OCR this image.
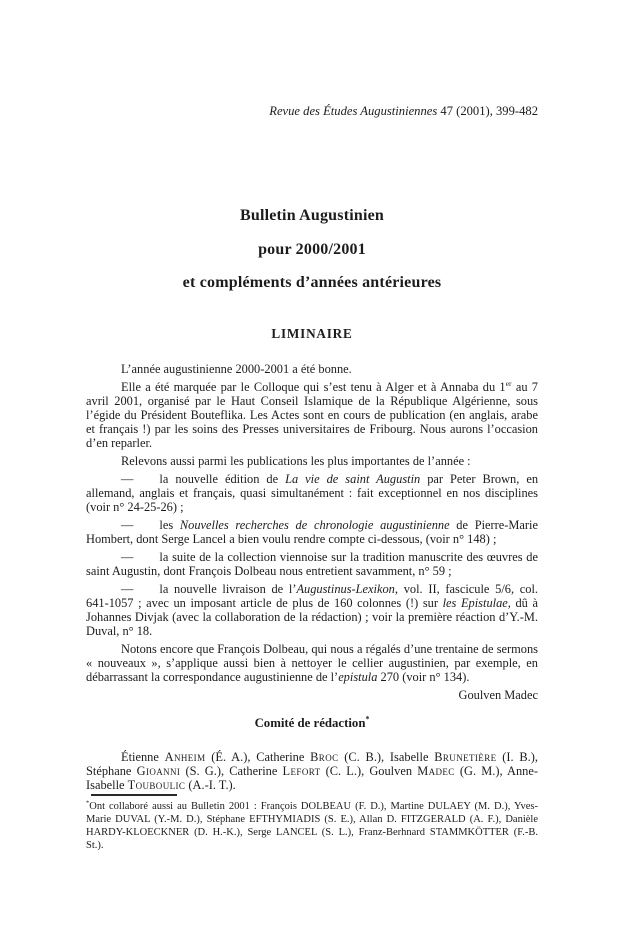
Revue des Études Augustiniennes 47 (2001), 399-482

Bulletin Augustinien
pour 2000/2001
et compléments d’années antérieures
LIMINAIRE

L’année augustinienne 2000-2001 a été bonne.

Elle a été marquée par le Colloque qui s’est tenu à Alger et à Annaba du 1er au 7 avril 2001, organisé par le Haut Conseil Islamique de la République Algérienne, sous l’égide du Président Bouteflika. Les Actes sont en cours de publication (en anglais, arabe et français !) par les soins des Presses universitaires de Fribourg. Nous aurons l’occasion d’en reparler.

Relevons aussi parmi les publications les plus importantes de l’année :

— la nouvelle édition de La vie de saint Augustin par Peter Brown, en allemand, anglais et français, quasi simultanément : fait exceptionnel en nos disciplines (voir n° 24-25-26) ;

— les Nouvelles recherches de chronologie augustinienne de Pierre-Marie Hombert, dont Serge Lancel a bien voulu rendre compte ci-dessous, (voir n° 148) ;

— la suite de la collection viennoise sur la tradition manuscrite des œuvres de saint Augustin, dont François Dolbeau nous entretient savamment, n° 59 ;

— la nouvelle livraison de l’Augustinus-Lexikon, vol. II, fascicule 5/6, col. 641-1057 ; avec un imposant article de plus de 160 colonnes (!) sur les Epistulae, dû à Johannes Divjak (avec la collaboration de la rédaction) ; voir la première réaction d’Y.-M. Duval, n° 18.

Notons encore que François Dolbeau, qui nous a régalés d’une trentaine de sermons « nouveaux », s’applique aussi bien à nettoyer le cellier augustinien, par exemple, en débarrassant la correspondance augustinienne de l’epistula 270 (voir n° 134).

Goulven Madec

Comité de rédaction*

Étienne Anheim (É. A.), Catherine Broc (C. B.), Isabelle Brunetière (I. B.), Stéphane Gioanni (S. G.), Catherine Lefort (C. L.), Goulven Madec (G. M.), Anne-Isabelle Touboulic (A.-I. T.).

*Ont collaboré aussi au Bulletin 2001 : François DOLBEAU (F. D.), Martine DULAEY (M. D.), Yves-Marie DUVAL (Y.-M. D.), Stéphane EFTHYMIADIS (S. E.), Allan D. FITZGERALD (A. F.), Danièle HARDY-KLOECKNER (D. H.-K.), Serge LANCEL (S. L.), Franz-Berhnard STAMMKÖTTER (F.-B. St.).
